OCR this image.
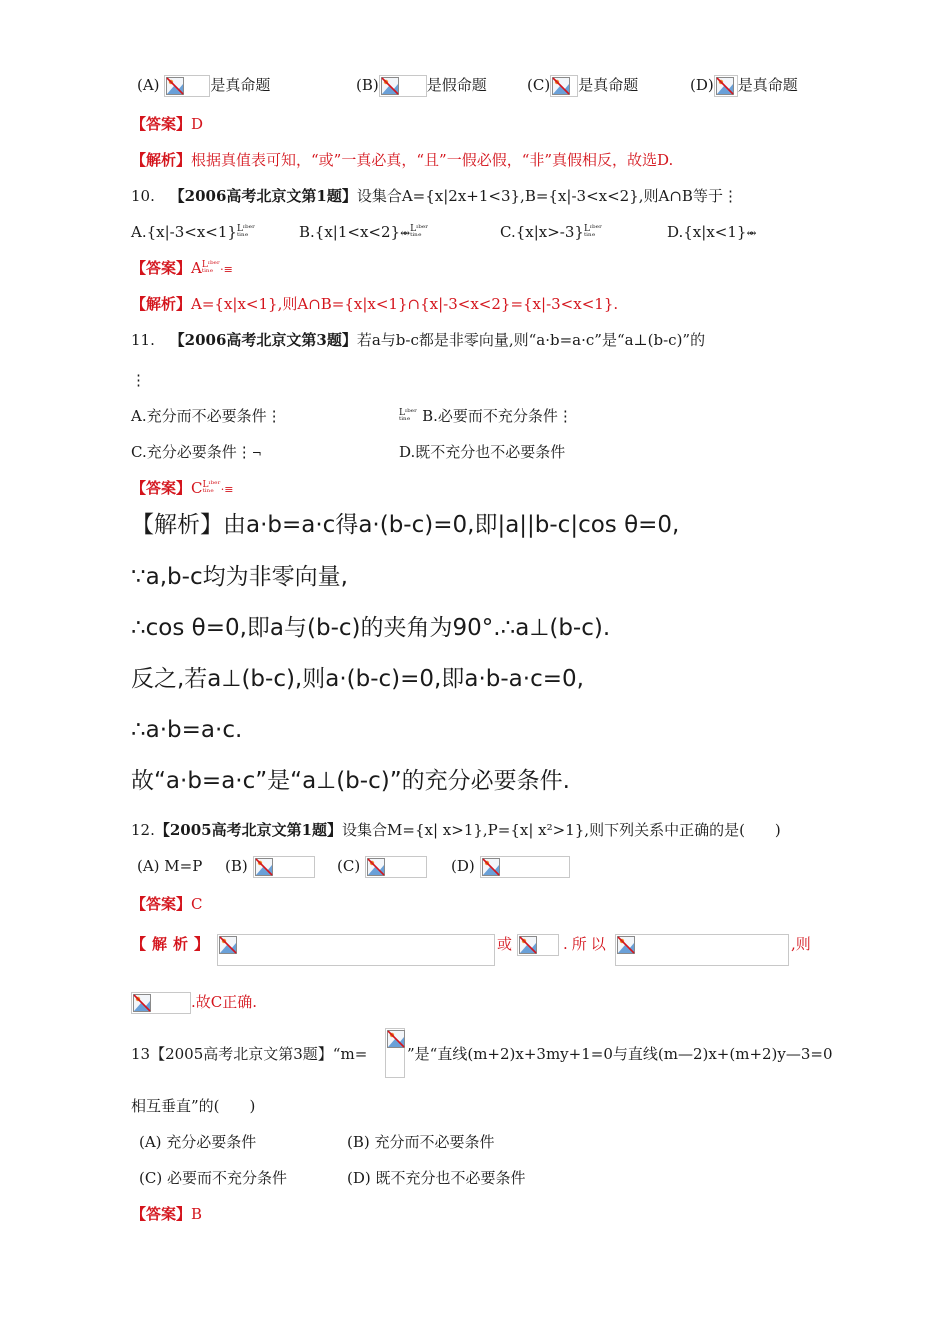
(A)	是真命题	(B)	是假命题	(C) 是真命题	(D) 是真命题
【答案】D
【解析】根据真值表可知，“或”一真必真，“且”一假必假，“非”真假相反，故选D.
10. 【2006高考北京文第1题】设集合A={x|2x+1<3},B={x|-3<x<2},则A∩B等于⋮
A.{x|-3<x<1}Lᶦᵇᵉʳ
ᵗⁱⁿᵉ	B.{x|1<x<2}⥈Lᶦᵇᵉʳ
ᵗⁱⁿᵉ	C.{x|x>-3}Lᶦᵇᵉʳ
ᵗⁱⁿᵉ	D.{x|x<1}⥈
【答案】ALᶦᵇᵉʳ
ᵗⁱⁿᵉ ·≡
【解析】A={x|x<1},则A∩B={x|x<1}∩{x|-3<x<2}={x|-3<x<1}.
11. 【2006高考北京文第3题】若a与b-c都是非零向量,则“a·b=a·c”是“a⊥(b-c)”的
⋮
A.充分而不必要条件⋮	Lᶦᵇᵉʳ
ᵗⁱⁿᵉ B.必要而不充分条件⋮
C.充分必要条件⋮¬	D.既不充分也不必要条件
【答案】CLᶦᵇᵉʳ
ᵗⁱⁿᵉ ·≡
【解析】由a·b=a·c得a·(b-c)=0,即|a||b-c|cos θ=0,
∵a,b-c均为非零向量,
∴cos θ=0,即a与(b-c)的夹角为90°.∴a⊥(b-c).
反之,若a⊥(b-c),则a·(b-c)=0,即a·b-a·c=0,
∴a·b=a·c.
故“a·b=a·c”是“a⊥(b-c)”的充分必要条件.
12.【2005高考北京文第1题】设集合M={x| x>1},P={x| x²>1},则下列关系中正确的是(　　)
(A) M=P (B)	(C)	(D)
【答案】C
【解析】	或	.所以	,则
.故C正确.
13【2005高考北京文第3题】“m=	”是“直线(m+2)x+3my+1=0与直线(m—2)x+(m+2)y—3=0
相互垂直”的(　　)
(A) 充分必要条件	(B) 充分而不必要条件
(C) 必要而不充分条件	(D) 既不充分也不必要条件
【答案】B
